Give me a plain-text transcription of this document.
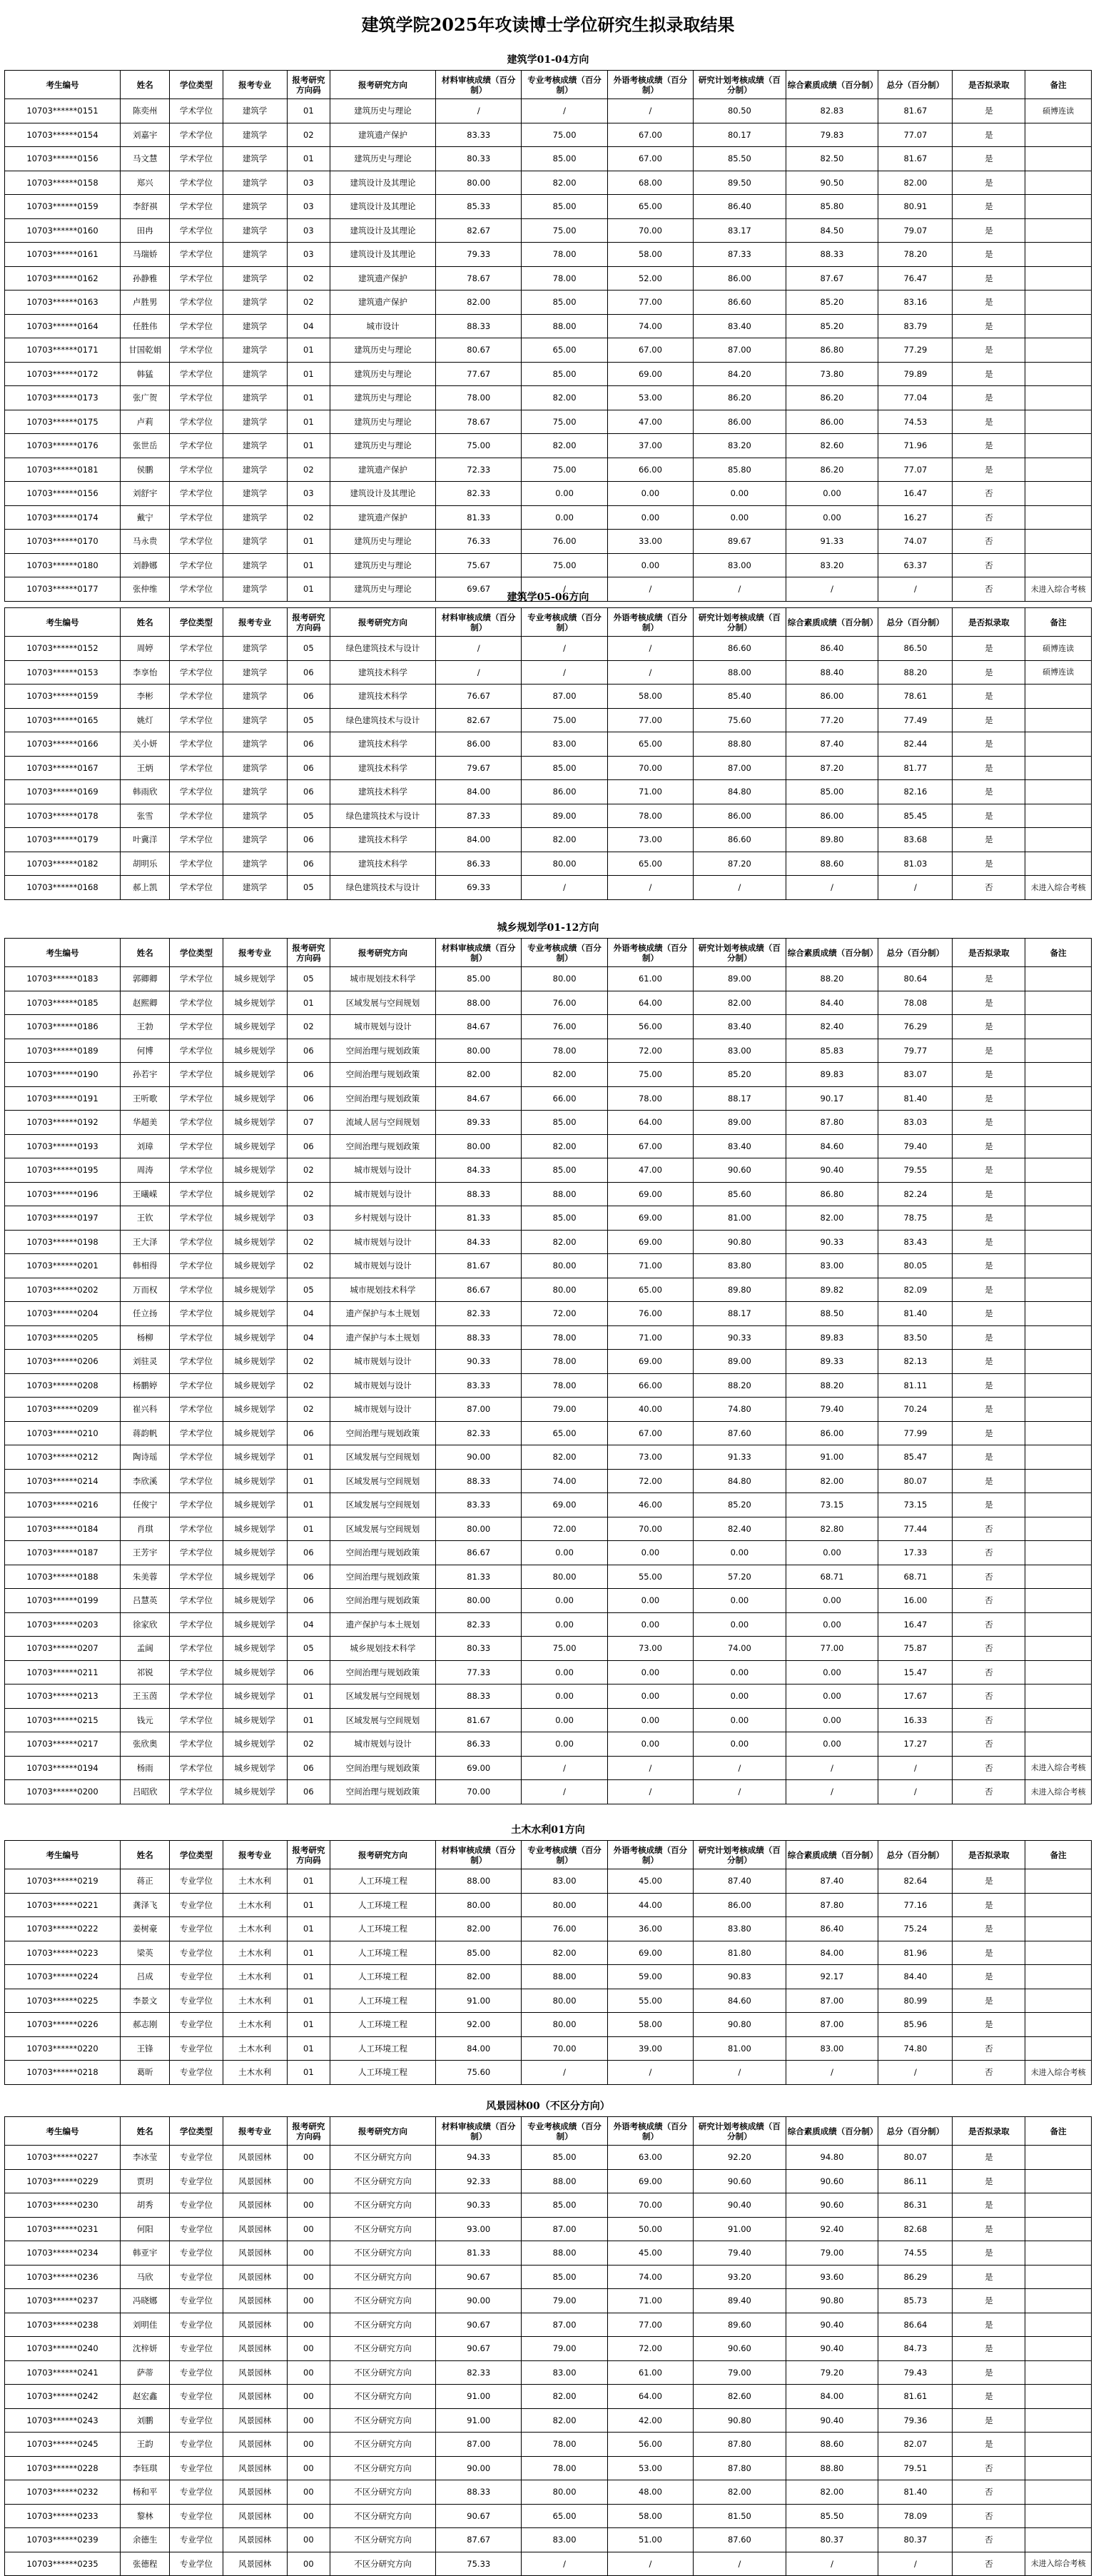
建筑学院2025年攻读博士学位研究生拟录取结果
建筑学01-04方向
考生编号	姓名	学位类型	报考专业	报考研究方向码	报考研究方向	材料审核成绩（百分制）	专业考核成绩（百分制）	外语考核成绩（百分制）	研究计划考核成绩（百分制）	综合素质成绩（百分制）	总分（百分制）	是否拟录取	备注
10703******0151	陈奕州	学术学位	建筑学	01	建筑历史与理论	/	/	/	80.50	82.83	81.67	是	硕博连读
10703******0154	刘嘉宇	学术学位	建筑学	02	建筑遗产保护	83.33	75.00	67.00	80.17	79.83	77.07	是	
10703******0156	马文慧	学术学位	建筑学	01	建筑历史与理论	80.33	85.00	67.00	85.50	82.50	81.67	是	
10703******0158	郑兴	学术学位	建筑学	03	建筑设计及其理论	80.00	82.00	68.00	89.50	90.50	82.00	是	
10703******0159	李舒祺	学术学位	建筑学	03	建筑设计及其理论	85.33	85.00	65.00	86.40	85.80	80.91	是	
10703******0160	田冉	学术学位	建筑学	03	建筑设计及其理论	82.67	75.00	70.00	83.17	84.50	79.07	是	
10703******0161	马瑞娇	学术学位	建筑学	03	建筑设计及其理论	79.33	78.00	58.00	87.33	88.33	78.20	是	
10703******0162	孙静雅	学术学位	建筑学	02	建筑遗产保护	78.67	78.00	52.00	86.00	87.67	76.47	是	
10703******0163	卢胜男	学术学位	建筑学	02	建筑遗产保护	82.00	85.00	77.00	86.60	85.20	83.16	是	
10703******0164	任胜伟	学术学位	建筑学	04	城市设计	88.33	88.00	74.00	83.40	85.20	83.79	是	
10703******0171	甘国乾娟	学术学位	建筑学	01	建筑历史与理论	80.67	65.00	67.00	87.00	86.80	77.29	是	
10703******0172	韩猛	学术学位	建筑学	01	建筑历史与理论	77.67	85.00	69.00	84.20	73.80	79.89	是	
10703******0173	张广贺	学术学位	建筑学	01	建筑历史与理论	78.00	82.00	53.00	86.20	86.20	77.04	是	
10703******0175	卢莉	学术学位	建筑学	01	建筑历史与理论	78.67	75.00	47.00	86.00	86.00	74.53	是	
10703******0176	张世岳	学术学位	建筑学	01	建筑历史与理论	75.00	82.00	37.00	83.20	82.60	71.96	是	
10703******0181	侯鹏	学术学位	建筑学	02	建筑遗产保护	72.33	75.00	66.00	85.80	86.20	77.07	是	
10703******0156	刘舒宇	学术学位	建筑学	03	建筑设计及其理论	82.33	0.00	0.00	0.00	0.00	16.47	否	
10703******0174	戴宁	学术学位	建筑学	02	建筑遗产保护	81.33	0.00	0.00	0.00	0.00	16.27	否	
10703******0170	马永贵	学术学位	建筑学	01	建筑历史与理论	76.33	76.00	33.00	89.67	91.33	74.07	否	
10703******0180	刘静娜	学术学位	建筑学	01	建筑历史与理论	75.67	75.00	0.00	83.00	83.20	63.37	否	
10703******0177	张仲维	学术学位	建筑学	01	建筑历史与理论	69.67	/	/	/	/	/	否	未进入综合考核
建筑学05-06方向
考生编号	姓名	学位类型	报考专业	报考研究方向码	报考研究方向	材料审核成绩（百分制）	专业考核成绩（百分制）	外语考核成绩（百分制）	研究计划考核成绩（百分制）	综合素质成绩（百分制）	总分（百分制）	是否拟录取	备注
10703******0152	周婷	学术学位	建筑学	05	绿色建筑技术与设计	/	/	/	86.60	86.40	86.50	是	硕博连读
10703******0153	李享怡	学术学位	建筑学	06	建筑技术科学	/	/	/	88.00	88.40	88.20	是	硕博连读
10703******0159	李彬	学术学位	建筑学	06	建筑技术科学	76.67	87.00	58.00	85.40	86.00	78.61	是	
10703******0165	姚灯	学术学位	建筑学	05	绿色建筑技术与设计	82.67	75.00	77.00	75.60	77.20	77.49	是	
10703******0166	关小妍	学术学位	建筑学	06	建筑技术科学	86.00	83.00	65.00	88.80	87.40	82.44	是	
10703******0167	王炳	学术学位	建筑学	06	建筑技术科学	79.67	85.00	70.00	87.00	87.20	81.77	是	
10703******0169	韩雨欣	学术学位	建筑学	06	建筑技术科学	84.00	86.00	71.00	84.80	85.00	82.16	是	
10703******0178	张雪	学术学位	建筑学	05	绿色建筑技术与设计	87.33	89.00	78.00	86.00	86.00	85.45	是	
10703******0179	叶冀洋	学术学位	建筑学	06	建筑技术科学	84.00	82.00	73.00	86.60	89.80	83.68	是	
10703******0182	胡明乐	学术学位	建筑学	06	建筑技术科学	86.33	80.00	65.00	87.20	88.60	81.03	是	
10703******0168	郝上凯	学术学位	建筑学	05	绿色建筑技术与设计	69.33	/	/	/	/	/	否	未进入综合考核
城乡规划学01-12方向
考生编号	姓名	学位类型	报考专业	报考研究方向码	报考研究方向	材料审核成绩（百分制）	专业考核成绩（百分制）	外语考核成绩（百分制）	研究计划考核成绩（百分制）	综合素质成绩（百分制）	总分（百分制）	是否拟录取	备注
10703******0183	郭卿卿	学术学位	城乡规划学	05	城市规划技术科学	85.00	80.00	61.00	89.00	88.20	80.64	是	
10703******0185	赵熙卿	学术学位	城乡规划学	01	区域发展与空间规划	88.00	76.00	64.00	82.00	84.40	78.08	是	
10703******0186	王勃	学术学位	城乡规划学	02	城市规划与设计	84.67	76.00	56.00	83.40	82.40	76.29	是	
10703******0189	何博	学术学位	城乡规划学	06	空间治理与规划政策	80.00	78.00	72.00	83.00	85.83	79.77	是	
10703******0190	孙若宇	学术学位	城乡规划学	06	空间治理与规划政策	82.00	82.00	75.00	85.20	89.83	83.07	是	
10703******0191	王听歌	学术学位	城乡规划学	06	空间治理与规划政策	84.67	66.00	78.00	88.17	90.17	81.40	是	
10703******0192	华超美	学术学位	城乡规划学	07	流域人居与空间规划	89.33	85.00	64.00	89.00	87.80	83.03	是	
10703******0193	刘璋	学术学位	城乡规划学	06	空间治理与规划政策	80.00	82.00	67.00	83.40	84.60	79.40	是	
10703******0195	周涛	学术学位	城乡规划学	02	城市规划与设计	84.33	85.00	47.00	90.60	90.40	79.55	是	
10703******0196	王曦嵘	学术学位	城乡规划学	02	城市规划与设计	88.33	88.00	69.00	85.60	86.80	82.24	是	
10703******0197	王钦	学术学位	城乡规划学	03	乡村规划与设计	81.33	85.00	69.00	81.00	82.00	78.75	是	
10703******0198	王大泽	学术学位	城乡规划学	02	城市规划与设计	84.33	82.00	69.00	90.80	90.33	83.43	是	
10703******0201	韩相得	学术学位	城乡规划学	02	城市规划与设计	81.67	80.00	71.00	83.80	83.00	80.05	是	
10703******0202	万而权	学术学位	城乡规划学	05	城市规划技术科学	86.67	80.00	65.00	89.80	89.82	82.09	是	
10703******0204	任立扬	学术学位	城乡规划学	04	遗产保护与本土规划	82.33	72.00	76.00	88.17	88.50	81.40	是	
10703******0205	杨柳	学术学位	城乡规划学	04	遗产保护与本土规划	88.33	78.00	71.00	90.33	89.83	83.50	是	
10703******0206	刘驻灵	学术学位	城乡规划学	02	城市规划与设计	90.33	78.00	69.00	89.00	89.33	82.13	是	
10703******0208	杨鹏婷	学术学位	城乡规划学	02	城市规划与设计	83.33	78.00	66.00	88.20	88.20	81.11	是	
10703******0209	崔兴科	学术学位	城乡规划学	02	城市规划与设计	87.00	79.00	40.00	74.80	79.40	70.24	是	
10703******0210	蒋韵帆	学术学位	城乡规划学	06	空间治理与规划政策	82.33	65.00	67.00	87.60	86.00	77.99	是	
10703******0212	陶诗瑶	学术学位	城乡规划学	01	区域发展与空间规划	90.00	82.00	73.00	91.33	91.00	85.47	是	
10703******0214	李欣溪	学术学位	城乡规划学	01	区域发展与空间规划	88.33	74.00	72.00	84.80	82.00	80.07	是	
10703******0216	任俊宁	学术学位	城乡规划学	01	区域发展与空间规划	83.33	69.00	46.00	85.20	73.15	73.15	是	
10703******0184	肖琪	学术学位	城乡规划学	01	区域发展与空间规划	80.00	72.00	70.00	82.40	82.80	77.44	否	
10703******0187	王芳宇	学术学位	城乡规划学	06	空间治理与规划政策	86.67	0.00	0.00	0.00	0.00	17.33	否	
10703******0188	朱美蓉	学术学位	城乡规划学	06	空间治理与规划政策	81.33	80.00	55.00	57.20	68.71	68.71	否	
10703******0199	吕慧英	学术学位	城乡规划学	06	空间治理与规划政策	80.00	0.00	0.00	0.00	0.00	16.00	否	
10703******0203	徐家欣	学术学位	城乡规划学	04	遗产保护与本土规划	82.33	0.00	0.00	0.00	0.00	16.47	否	
10703******0207	孟阔	学术学位	城乡规划学	05	城乡规划技术科学	80.33	75.00	73.00	74.00	77.00	75.87	否	
10703******0211	祁锐	学术学位	城乡规划学	06	空间治理与规划政策	77.33	0.00	0.00	0.00	0.00	15.47	否	
10703******0213	王玉茵	学术学位	城乡规划学	01	区域发展与空间规划	88.33	0.00	0.00	0.00	0.00	17.67	否	
10703******0215	钱元	学术学位	城乡规划学	01	区域发展与空间规划	81.67	0.00	0.00	0.00	0.00	16.33	否	
10703******0217	张欣奥	学术学位	城乡规划学	02	城市规划与设计	86.33	0.00	0.00	0.00	0.00	17.27	否	
10703******0194	杨雨	学术学位	城乡规划学	06	空间治理与规划政策	69.00	/	/	/	/	/	否	未进入综合考核
10703******0200	吕昭欣	学术学位	城乡规划学	06	空间治理与规划政策	70.00	/	/	/	/	/	否	未进入综合考核
土木水利01方向
考生编号	姓名	学位类型	报考专业	报考研究方向码	报考研究方向	材料审核成绩（百分制）	专业考核成绩（百分制）	外语考核成绩（百分制）	研究计划考核成绩（百分制）	综合素质成绩（百分制）	总分（百分制）	是否拟录取	备注
10703******0219	蒋正	专业学位	土木水利	01	人工环境工程	88.00	83.00	45.00	87.40	87.40	82.64	是	
10703******0221	龚泽飞	专业学位	土木水利	01	人工环境工程	80.00	80.00	44.00	86.00	87.80	77.16	是	
10703******0222	姜树豪	专业学位	土木水利	01	人工环境工程	82.00	76.00	36.00	83.80	86.40	75.24	是	
10703******0223	梁英	专业学位	土木水利	01	人工环境工程	85.00	82.00	69.00	81.80	84.00	81.96	是	
10703******0224	吕成	专业学位	土木水利	01	人工环境工程	82.00	88.00	59.00	90.83	92.17	84.40	是	
10703******0225	李景文	专业学位	土木水利	01	人工环境工程	91.00	80.00	55.00	84.60	87.00	80.99	是	
10703******0226	郝志刚	专业学位	土木水利	01	人工环境工程	92.00	80.00	58.00	90.80	87.00	85.96	是	
10703******0220	王锋	专业学位	土木水利	01	人工环境工程	84.00	70.00	39.00	81.00	83.00	74.80	否	
10703******0218	葛昕	专业学位	土木水利	01	人工环境工程	75.60	/	/	/	/	/	否	未进入综合考核
风景园林00（不区分方向）
考生编号	姓名	学位类型	报考专业	报考研究方向码	报考研究方向	材料审核成绩（百分制）	专业考核成绩（百分制）	外语考核成绩（百分制）	研究计划考核成绩（百分制）	综合素质成绩（百分制）	总分（百分制）	是否拟录取	备注
10703******0227	李冰莹	专业学位	风景园林	00	不区分研究方向	94.33	85.00	63.00	92.20	94.80	80.07	是	
10703******0229	贾玥	专业学位	风景园林	00	不区分研究方向	92.33	88.00	69.00	90.60	90.60	86.11	是	
10703******0230	胡秀	专业学位	风景园林	00	不区分研究方向	90.33	85.00	70.00	90.40	90.60	86.31	是	
10703******0231	何阳	专业学位	风景园林	00	不区分研究方向	93.00	87.00	50.00	91.00	92.40	82.68	是	
10703******0234	韩亚宇	专业学位	风景园林	00	不区分研究方向	81.33	88.00	45.00	79.40	79.00	74.55	是	
10703******0236	马欣	专业学位	风景园林	00	不区分研究方向	90.67	85.00	74.00	93.20	93.60	86.29	是	
10703******0237	冯晓娜	专业学位	风景园林	00	不区分研究方向	90.00	79.00	71.00	89.40	90.80	85.73	是	
10703******0238	刘明佳	专业学位	风景园林	00	不区分研究方向	90.67	87.00	77.00	89.60	90.40	86.64	是	
10703******0240	沈梓妍	专业学位	风景园林	00	不区分研究方向	90.67	79.00	72.00	90.60	90.40	84.73	是	
10703******0241	萨蒂	专业学位	风景园林	00	不区分研究方向	82.33	83.00	61.00	79.00	79.20	79.43	是	
10703******0242	赵宏鑫	专业学位	风景园林	00	不区分研究方向	91.00	82.00	64.00	82.60	84.00	81.61	是	
10703******0243	刘鹏	专业学位	风景园林	00	不区分研究方向	91.00	82.00	42.00	90.80	90.40	79.36	是	
10703******0245	王韵	专业学位	风景园林	00	不区分研究方向	87.00	78.00	56.00	87.80	88.60	82.07	是	
10703******0228	李钰琪	专业学位	风景园林	00	不区分研究方向	90.00	78.00	53.00	87.80	88.80	79.51	否	
10703******0232	杨和平	专业学位	风景园林	00	不区分研究方向	88.33	80.00	48.00	82.00	82.00	81.40	否	
10703******0233	黎林	专业学位	风景园林	00	不区分研究方向	90.67	65.00	58.00	81.50	85.50	78.09	否	
10703******0239	余德生	专业学位	风景园林	00	不区分研究方向	87.67	83.00	51.00	87.60	80.37	80.37	否	
10703******0235	张德程	专业学位	风景园林	00	不区分研究方向	75.33	/	/	/	/	/	否	未进入综合考核
